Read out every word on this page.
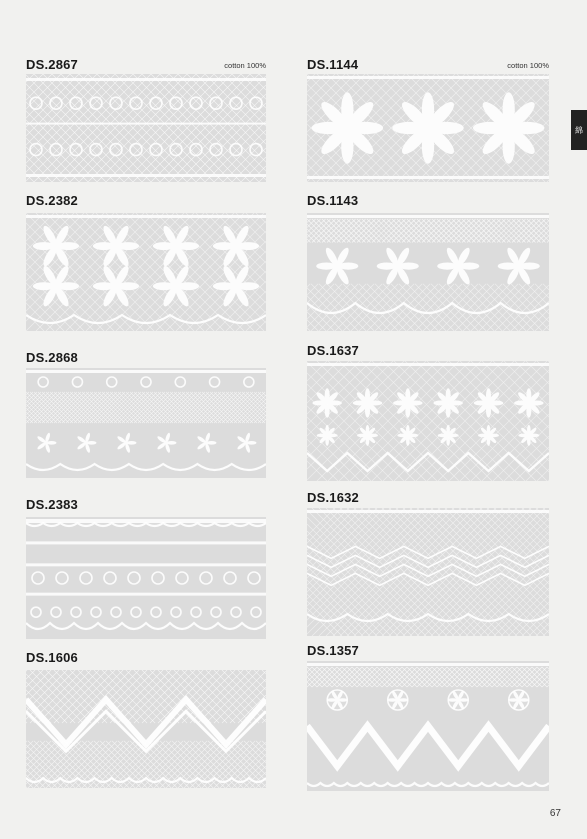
DS.2867	cotton 100%
DS.2382
DS.2868
DS.2383
DS.1606
DS.1144	cotton 100%
DS.1143
DS.1637
DS.1632
DS.1357
綿
67
